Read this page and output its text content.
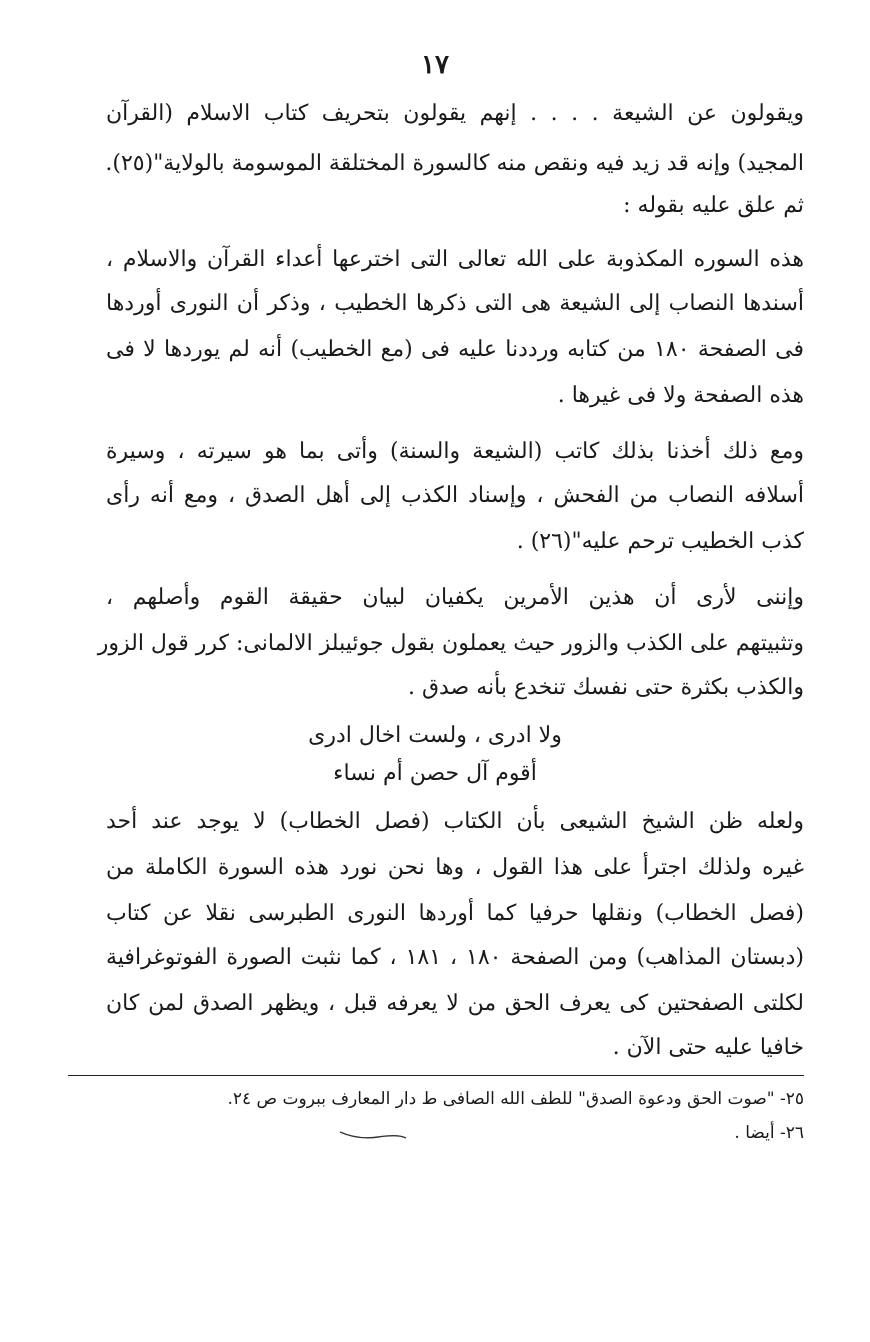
١٧
ويقولون عن الشيعة . . . . إنهم يقولون بتحريف كتاب الاسلام (القرآن
المجيد) وإنه قد زيد فيه ونقص منه كالسورة المختلقة الموسومة بالولاية"(٢٥).
ثم علق عليه بقوله :
هذه السوره المكذوبة على الله تعالى التى اخترعها أعداء القرآن والاسلام ،
أسندها النصاب إلى الشيعة هى التى ذكرها الخطيب ، وذكر أن النورى أوردها
فى الصفحة ١٨٠ من كتابه ورددنا عليه فى (مع الخطيب) أنه لم يوردها لا فى
هذه الصفحة ولا فى غيرها .
ومع ذلك أخذنا بذلك كاتب (الشيعة والسنة) وأتى بما هو سيرته ، وسيرة
أسلافه النصاب من الفحش ، وإسناد الكذب إلى أهل الصدق ، ومع أنه رأى
كذب الخطيب ترحم عليه"(٢٦) .
وإننى لأرى أن هذين الأمرين يكفيان لبيان حقيقة القوم وأصلهم ،
وتثبيتهم على الكذب والزور حيث يعملون بقول جوئيبلز الالمانى: كرر قول الزور
والكذب بكثرة حتى نفسك تنخدع بأنه صدق .
ولا ادرى ، ولست اخال ادرى
أقوم آل حصن أم نساء
ولعله ظن الشيخ الشيعى بأن الكتاب (فصل الخطاب) لا يوجد عند أحد
غيره ولذلك اجترأ على هذا القول ، وها نحن نورد هذه السورة الكاملة من
(فصل الخطاب) ونقلها حرفيا كما أوردها النورى الطبرسى نقلا عن كتاب
(دبستان المذاهب) ومن الصفحة ١٨٠ ، ١٨١ ، كما نثبت الصورة الفوتوغرافية
لكلتى الصفحتين كى يعرف الحق من لا يعرفه قبل ، ويظهر الصدق لمن كان
خافيا عليه حتى الآن .
٢٥- "صوت الحق ودعوة الصدق" للطف الله الصافى ط دار المعارف ببروت ص ٢٤.
٢٦- أيضا .
